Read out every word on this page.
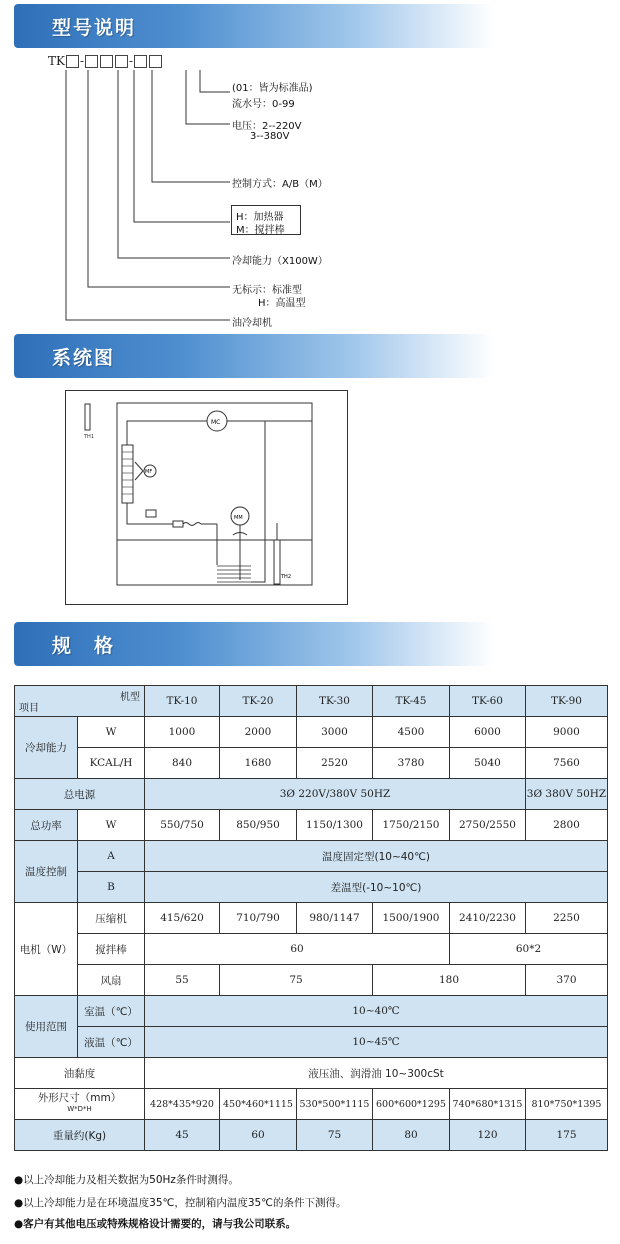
型号说明
TK -	-
(01：皆为标准品)
流水号：0-99
电压：2--220V
3--380V
控制方式：A/B（M）
H：加热器
M：搅拌棒
冷却能力（X100W）
无标示：标准型
H：高温型
油冷却机
系统图
TH1
MC
MF
MM
TH2
规　格
机型
项目		TK-10	TK-20	TK-30	TK-45	TK-60	TK-90
冷却能力	W	1000	2000	3000	4500	6000	9000
	KCAL/H	840	1680	2520	3780	5040	7560
总电源		3Ø 220V/380V 50HZ					3Ø 380V 50HZ
总功率	W	550/750	850/950	1150/1300	1750/2150	2750/2550	2800
温度控制	A	温度固定型(10~40℃)					
	B	差温型(-10~10℃)					
电机（W）	压缩机	415/620	710/790	980/1147	1500/1900	2410/2230	2250
	搅拌棒	60				60*2	
	风扇	55	75		180		370
使用范围	室温（℃）	10~40℃					
	液温（℃）	10~45℃					
油黏度		液压油、润滑油 10~300cSt					

外形尺寸（mm）
W*D*H		428*435*920	450*460*1115	530*500*1115	600*600*1295	740*680*1315	810*750*1395
重量约(Kg)		45	60	75	80	120	175
●以上冷却能力及相关数据为50Hz条件时测得。
●以上冷却能力是在环境温度35℃，控制箱内温度35℃的条件下测得。
●客户有其他电压或特殊规格设计需要的，请与我公司联系。
